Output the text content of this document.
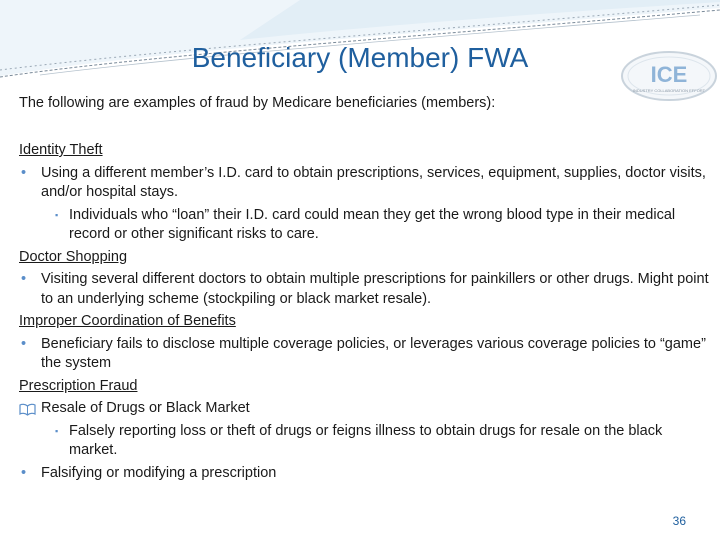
Beneficiary (Member) FWA
ICE
INDUSTRY COLLABORATION EFFORT

The following are examples of fraud by Medicare beneficiaries (members):

Identity Theft

• Using a different member’s I.D. card to obtain prescriptions, services, equipment, supplies, doctor visits, and/or hospital stays.
▪ Individuals who “loan” their I.D. card could mean they get the wrong blood type in their medical record or other significant risks to care.

Doctor Shopping

• Visiting several different doctors to obtain multiple prescriptions for painkillers or other drugs. Might point to an underlying scheme (stockpiling or black market resale).

Improper Coordination of Benefits

• Beneficiary fails to disclose multiple coverage policies, or leverages various coverage policies to “game” the system

Prescription Fraud

Resale of Drugs or Black Market
▪ Falsely reporting loss or theft of drugs or feigns illness to obtain drugs for resale on the black market.
• Falsifying or modifying a prescription
36
